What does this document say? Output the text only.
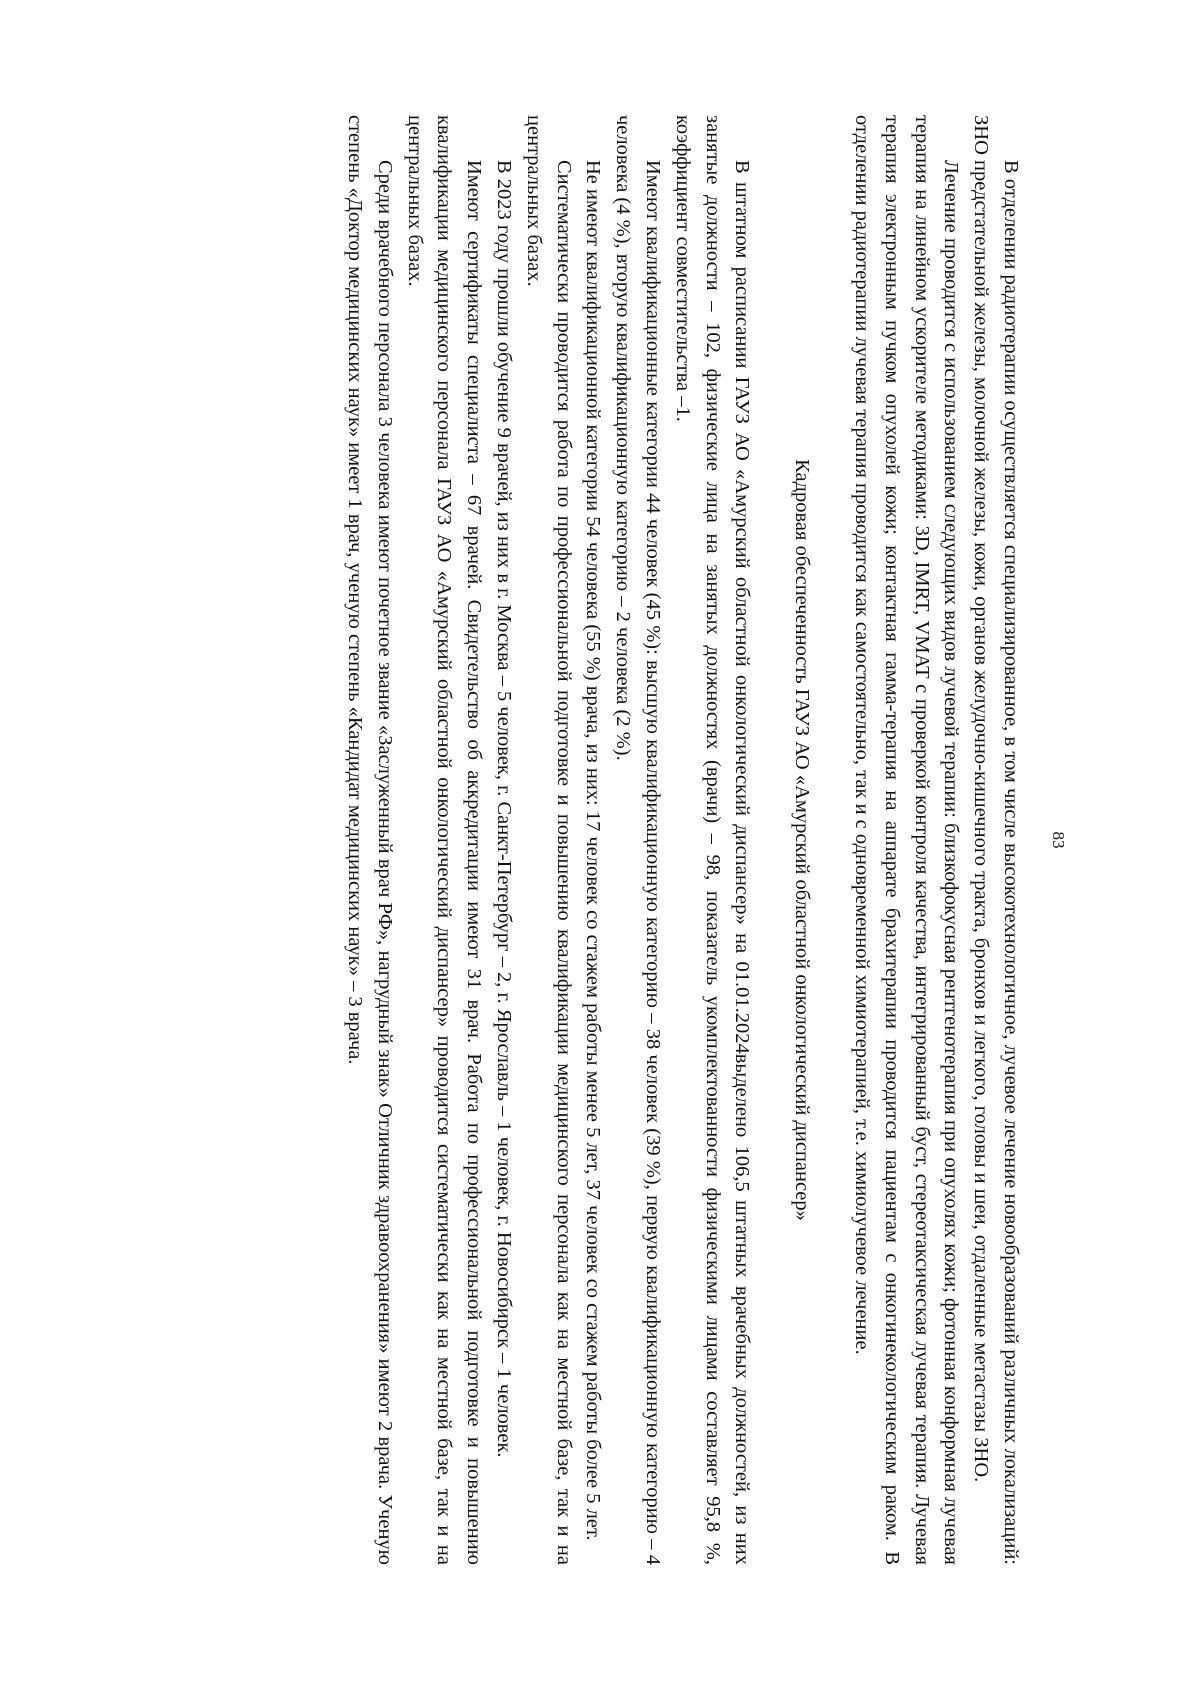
83

В отделении радиотерапии осуществляется специализированное, в том числе высокотехнологичное, лучевое лечение новообразований различных локализаций: ЗНО предстательной железы, молочной железы, кожи, органов желудочно-кишечного тракта, бронхов и легкого, головы и шеи, отдаленные метастазы ЗНО.

Лечение проводится с использованием следующих видов лучевой терапии: близкофокусная рентгенотерапия при опухолях кожи; фотонная конформная лучевая терапия на линейном ускорителе методиками: 3D, IMRT, VMAT с проверкой контроля качества, интегрированный буст, стереотаксическая лучевая терапия. Лучевая терапия электронным пучком опухолей кожи; контактная гамма-терапия на аппарате брахитерапии проводится пациентам с онкогинекологическим раком. В отделении радиотерапии лучевая терапия проводится как самостоятельно, так и с одновременной химиотерапией, т.е. химиолучевое лечение.

Кадровая обеспеченность ГАУЗ АО «Амурский областной онкологический диспансер»

В штатном расписании ГАУЗ АО «Амурский областной онкологический диспансер» на 01.01.2024выделено 106,5 штатных врачебных должностей, из них занятые должности – 102, физические лица на занятых должностях (врачи) – 98, показатель укомплектованности физическими лицами составляет 95,8 %, коэффициент совместительства –1.

Имеют квалификационные категории 44 человек (45 %): высшую квалификационную категорию – 38 человек (39 %), первую квалификационную категорию – 4 человека (4 %), вторую квалификационную категорию – 2 человека (2 %).

Не имеют квалификационной категории 54 человека (55 %) врача, из них: 17 человек со стажем работы менее 5 лет, 37 человек со стажем работы более 5 лет.

Систематически проводится работа по профессиональной подготовке и повышению квалификации медицинского персонала как на местной базе, так и на центральных базах.

В 2023 году прошли обучение 9 врачей, из них в г. Москва – 5 человек, г. Санкт-Петербург – 2, г. Ярославль – 1 человек, г. Новосибирск – 1 человек.

Имеют сертификаты специалиста – 67 врачей. Свидетельство об аккредитации имеют 31 врач. Работа по профессиональной подготовке и повышению квалификации медицинского персонала ГАУЗ АО «Амурский областной онкологический диспансер» проводится систематически как на местной базе, так и на центральных базах.

Среди врачебного персонала 3 человека имеют почетное звание «Заслуженный врач РФ», нагрудный знак» Отличник здравоохранения» имеют 2 врача. Ученую степень «Доктор медицинских наук» имеет 1 врач, ученую степень «Кандидат медицинских наук» – 3 врача.
